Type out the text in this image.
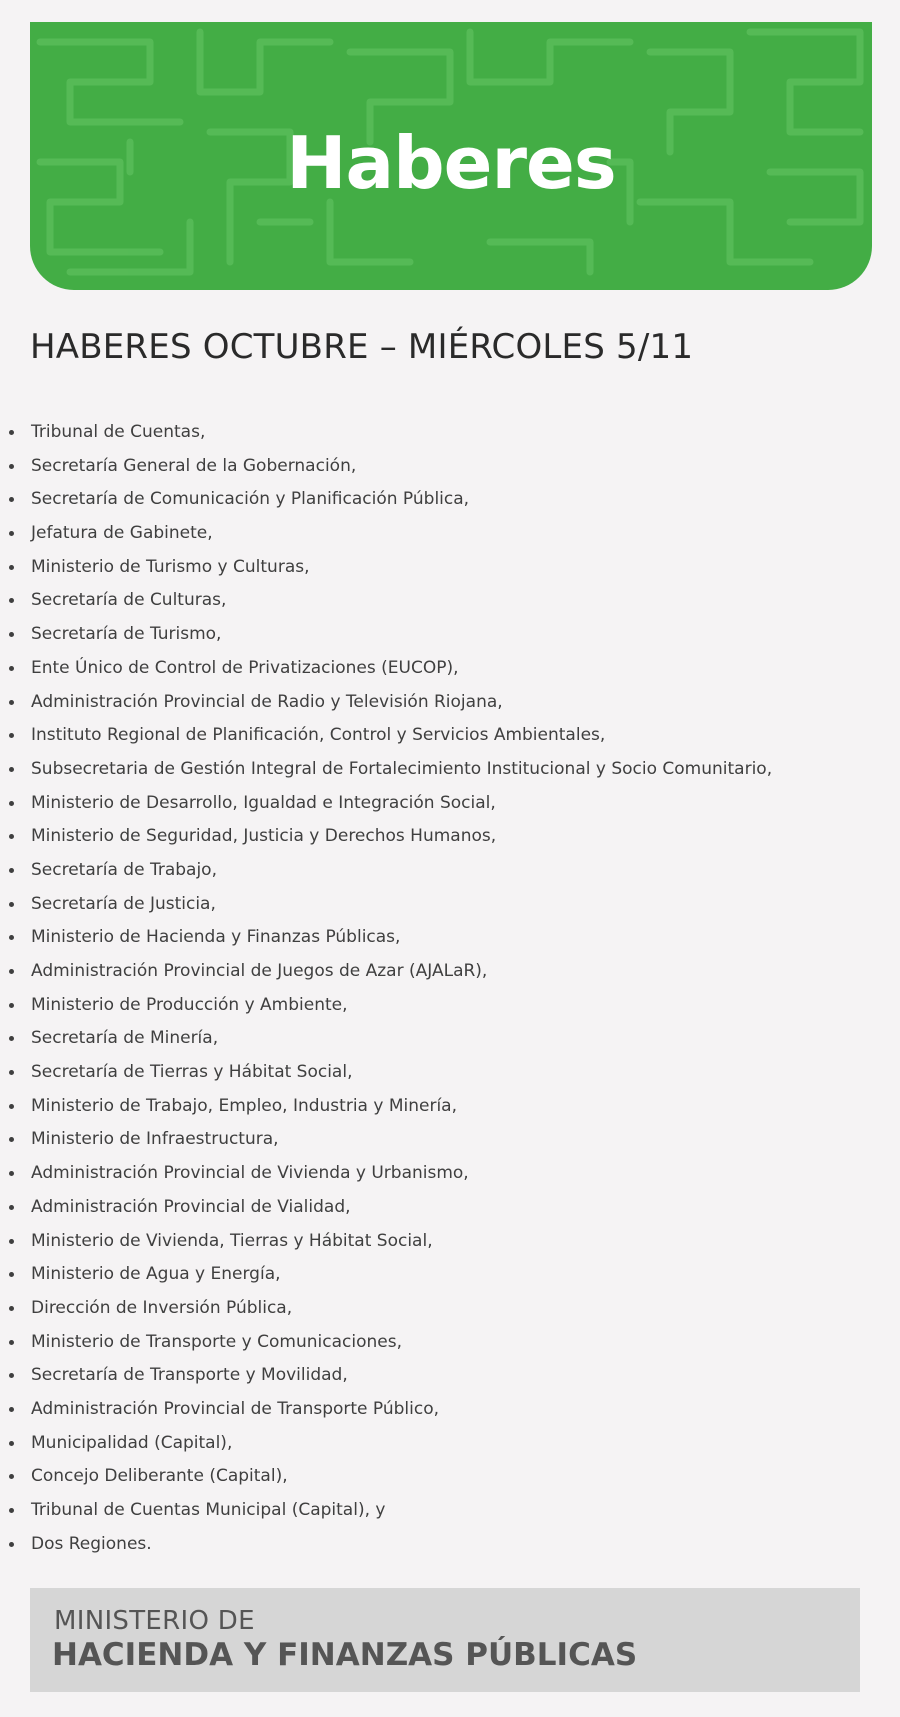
Haberes
HABERES OCTUBRE – MIÉRCOLES 5/11
Tribunal de Cuentas,
Secretaría General de la Gobernación,
Secretaría de Comunicación y Planificación Pública,
Jefatura de Gabinete,
Ministerio de Turismo y Culturas,
Secretaría de Culturas,
Secretaría de Turismo,
Ente Único de Control de Privatizaciones (EUCOP),
Administración Provincial de Radio y Televisión Riojana,
Instituto Regional de Planificación, Control y Servicios Ambientales,
Subsecretaria de Gestión Integral de Fortalecimiento Institucional y Socio Comunitario,
Ministerio de Desarrollo, Igualdad e Integración Social,
Ministerio de Seguridad, Justicia y Derechos Humanos,
Secretaría de Trabajo,
Secretaría de Justicia,
Ministerio de Hacienda y Finanzas Públicas,
Administración Provincial de Juegos de Azar (AJALaR),
Ministerio de Producción y Ambiente,
Secretaría de Minería,
Secretaría de Tierras y Hábitat Social,
Ministerio de Trabajo, Empleo, Industria y Minería,
Ministerio de Infraestructura,
Administración Provincial de Vivienda y Urbanismo,
Administración Provincial de Vialidad,
Ministerio de Vivienda, Tierras y Hábitat Social,
Ministerio de Agua y Energía,
Dirección de Inversión Pública,
Ministerio de Transporte y Comunicaciones,
Secretaría de Transporte y Movilidad,
Administración Provincial de Transporte Público,
Municipalidad (Capital),
Concejo Deliberante (Capital),
Tribunal de Cuentas Municipal (Capital), y
Dos Regiones.
MINISTERIO DE
HACIENDA Y FINANZAS PÚBLICAS
